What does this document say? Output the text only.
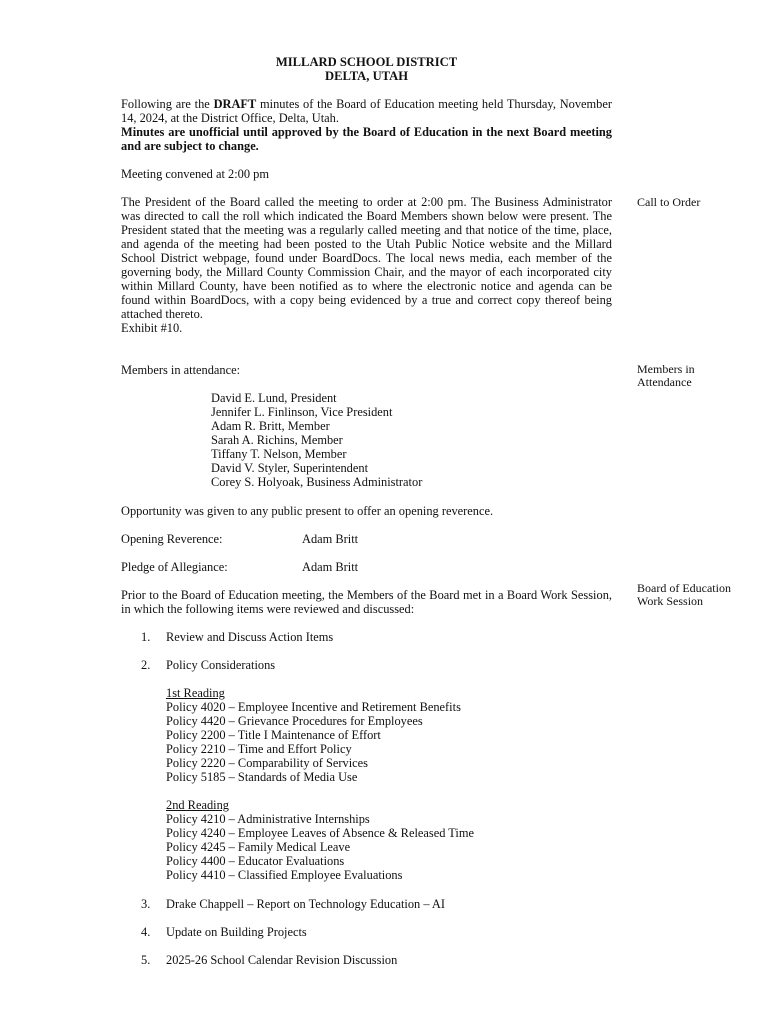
MILLARD SCHOOL DISTRICT
DELTA, UTAH
Following are the DRAFT minutes of the Board of Education meeting held Thursday, November 14, 2024, at the District Office, Delta, Utah.
Minutes are unofficial until approved by the Board of Education in the next Board meeting and are subject to change.
Meeting convened at 2:00 pm
The President of the Board called the meeting to order at 2:00 pm. The Business Administrator was directed to call the roll which indicated the Board Members shown below were present. The President stated that the meeting was a regularly called meeting and that notice of the time, place, and agenda of the meeting had been posted to the Utah Public Notice website and the Millard School District webpage, found under BoardDocs. The local news media, each member of the governing body, the Millard County Commission Chair, and the mayor of each incorporated city within Millard County, have been notified as to where the electronic notice and agenda can be found within BoardDocs, with a copy being evidenced by a true and correct copy thereof being attached thereto.
Exhibit #10.
Call to Order
Members in attendance:	Members in Attendance
David E. Lund, President
Jennifer L. Finlinson, Vice President
Adam R. Britt, Member
Sarah A. Richins, Member
Tiffany T. Nelson, Member
David V. Styler, Superintendent
Corey S. Holyoak, Business Administrator
Opportunity was given to any public present to offer an opening reverence.
Opening Reverence:	Adam Britt
Pledge of Allegiance:	Adam Britt
Prior to the Board of Education meeting, the Members of the Board met in a Board Work Session, in which the following items were reviewed and discussed:
Board of Education Work Session
1. Review and Discuss Action Items
2. Policy Considerations
1st Reading
Policy 4020 – Employee Incentive and Retirement Benefits
Policy 4420 – Grievance Procedures for Employees
Policy 2200 – Title I Maintenance of Effort
Policy 2210 – Time and Effort Policy
Policy 2220 – Comparability of Services
Policy 5185 – Standards of Media Use
2nd Reading
Policy 4210 – Administrative Internships
Policy 4240 – Employee Leaves of Absence & Released Time
Policy 4245 – Family Medical Leave
Policy 4400 – Educator Evaluations
Policy 4410 – Classified Employee Evaluations
3. Drake Chappell – Report on Technology Education – AI
4. Update on Building Projects
5. 2025-26 School Calendar Revision Discussion
